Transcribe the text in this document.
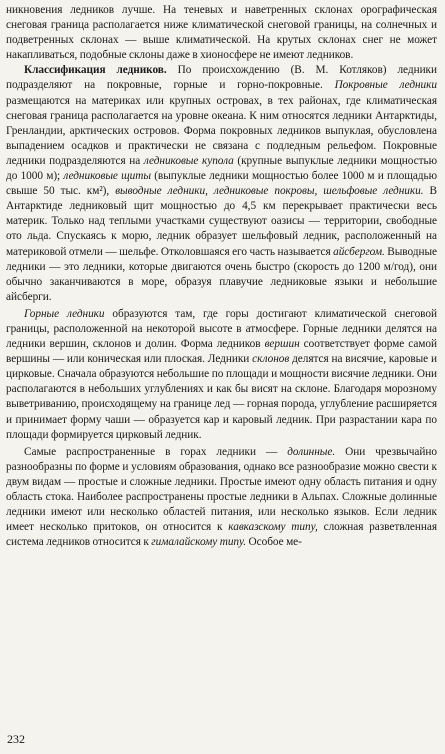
никновения ледников лучше. На теневых и наветренных склонах орографическая снеговая граница располагается ниже климатической снеговой границы, на солнечных и подветренных склонах — выше климатической. На крутых склонах снег не может накапливаться, подобные склоны даже в хионосфере не имеют ледников.

Классификация ледников. По происхождению (В. М. Котляков) ледники подразделяют на покровные, горные и горно-покровные. Покровные ледники размещаются на материках или крупных островах, в тех районах, где климатическая снеговая граница располагается на уровне океана. К ним относятся ледники Антарктиды, Гренландии, арктических островов. Форма покровных ледников выпуклая, обусловлена выпадением осадков и практически не связана с подледным рельефом. Покровные ледники подразделяются на ледниковые купола (крупные выпуклые ледники мощностью до 1000 м); ледниковые щиты (выпуклые ледники мощностью более 1000 м и площадью свыше 50 тыс. км²), выводные ледники, ледниковые покровы, шельфовые ледники. В Антарктиде ледниковый щит мощностью до 4,5 км перекрывает практически весь материк. Только над теплыми участками существуют оазисы — территории, свободные ото льда. Спускаясь к морю, ледник образует шельфовый ледник, расположенный на материковой отмели — шельфе. Отколовшаяся его часть называется айсбергом. Выводные ледники — это ледники, которые двигаются очень быстро (скорость до 1200 м/год), они обычно заканчиваются в море, образуя плавучие ледниковые языки и небольшие айсберги.

Горные ледники образуются там, где горы достигают климатической снеговой границы, расположенной на некоторой высоте в атмосфере. Горные ледники делятся на ледники вершин, склонов и долин. Форма ледников вершин соответствует форме самой вершины — или коническая или плоская. Ледники склонов делятся на висячие, каровые и цирковые. Сначала образуются небольшие по площади и мощности висячие ледники. Они располагаются в небольших углублениях и как бы висят на склоне. Благодаря морозному выветриванию, происходящему на границе лед — горная порода, углубление расширяется и принимает форму чаши — образуется кар и каровый ледник. При разрастании кара по площади формируется цирковый ледник.

Самые распространенные в горах ледники — долинные. Они чрезвычайно разнообразны по форме и условиям образования, однако все разнообразие можно свести к двум видам — простые и сложные ледники. Простые имеют одну область питания и одну область стока. Наиболее распространены простые ледники в Альпах. Сложные долинные ледники имеют или несколько областей питания, или несколько языков. Если ледник имеет несколько притоков, он относится к кавказскому типу, сложная разветвленная система ледников относится к гималайскому типу. Особое ме-

232
